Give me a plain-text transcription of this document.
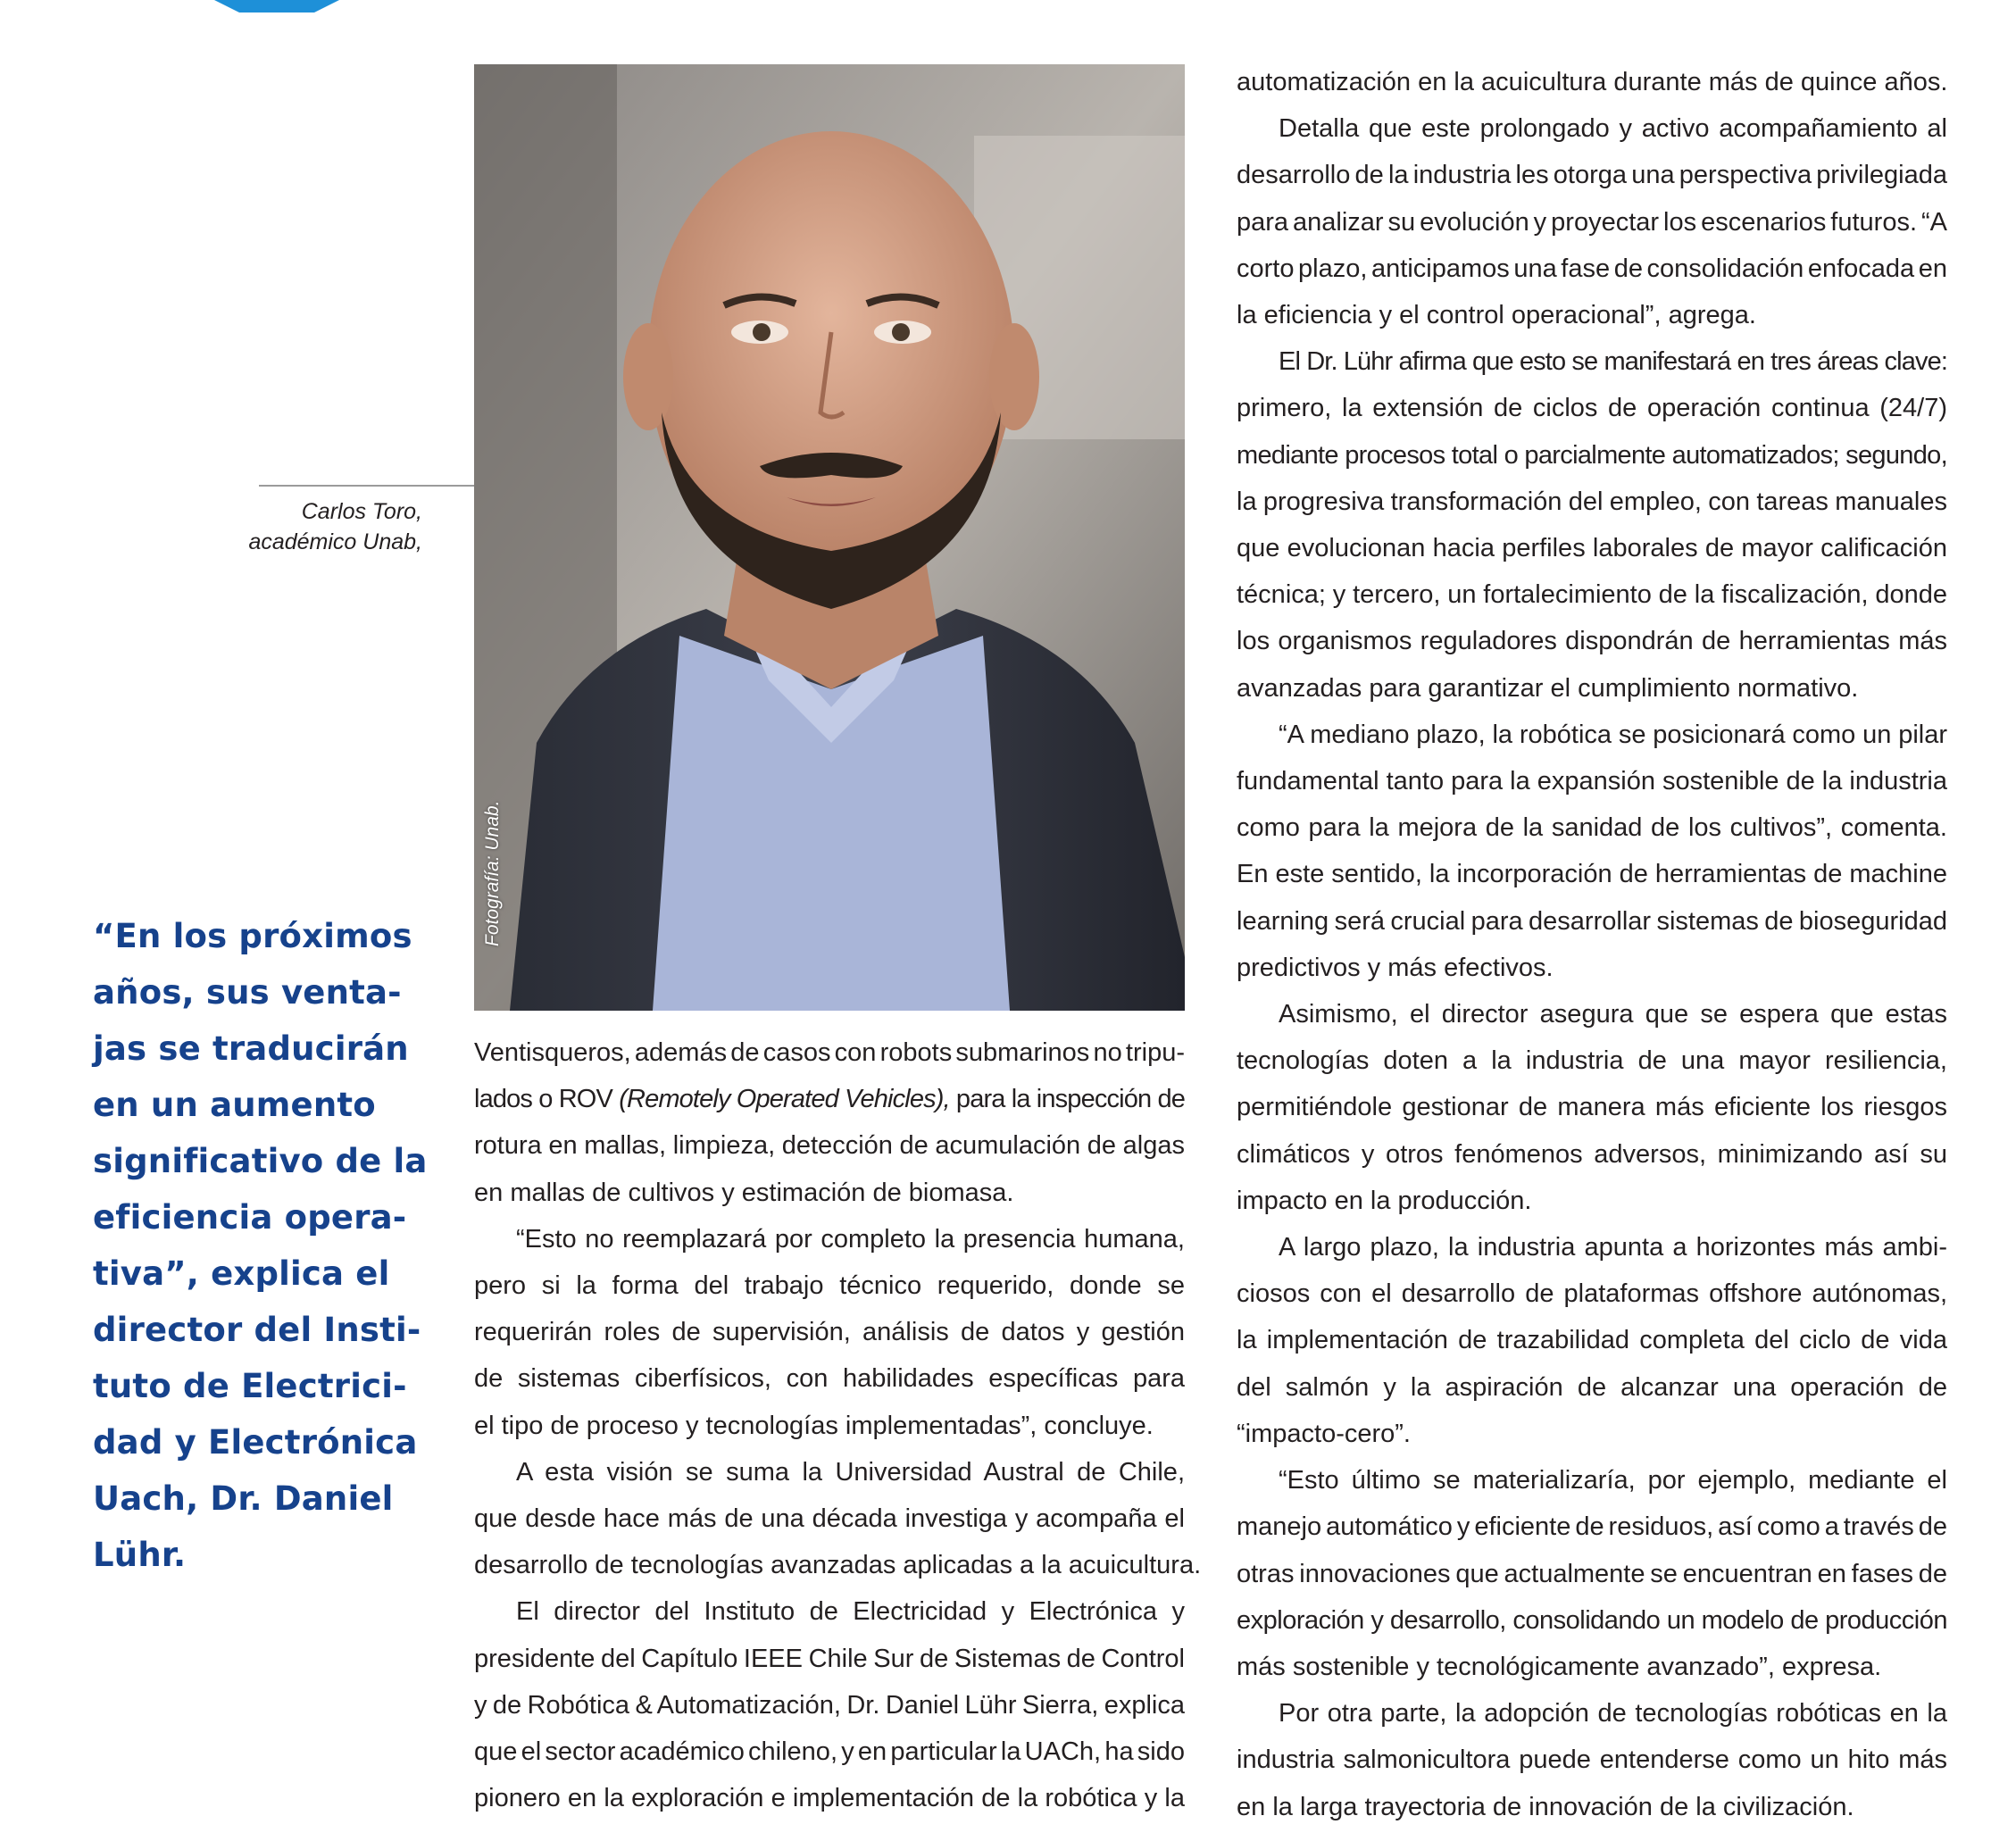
Fotografía: Unab.
Carlos Toro,
académico Unab,
“En los próximos
años, sus venta-
jas se traducirán
en un aumento
significativo de la
eficiencia opera-
tiva”, explica el
director del Insti-
tuto de Electrici-
dad y Electrónica
Uach, Dr. Daniel
Lühr.
Ventisqueros, además de casos con robots submarinos no tripu-
lados o ROV (Remotely Operated Vehicles), para la inspección de
rotura en mallas, limpieza, detección de acumulación de algas
en mallas de cultivos y estimación de biomasa.
“Esto no reemplazará por completo la presencia humana,
pero si la forma del trabajo técnico requerido, donde se
requerirán roles de supervisión, análisis de datos y gestión
de sistemas ciberfísicos, con habilidades específicas para
el tipo de proceso y tecnologías implementadas”, concluye.
A esta visión se suma la Universidad Austral de Chile,
que desde hace más de una década investiga y acompaña el
desarrollo de tecnologías avanzadas aplicadas a la acuicultura.
El director del Instituto de Electricidad y Electrónica y
presidente del Capítulo IEEE Chile Sur de Sistemas de Control
y de Robótica & Automatización, Dr. Daniel Lühr Sierra, explica
que el sector académico chileno, y en particular la UACh, ha sido
pionero en la exploración e implementación de la robótica y la
automatización en la acuicultura durante más de quince años.
Detalla que este prolongado y activo acompañamiento al
desarrollo de la industria les otorga una perspectiva privilegiada
para analizar su evolución y proyectar los escenarios futuros. “A
corto plazo, anticipamos una fase de consolidación enfocada en
la eficiencia y el control operacional”, agrega.
El Dr. Lühr afirma que esto se manifestará en tres áreas clave:
primero, la extensión de ciclos de operación continua (24/7)
mediante procesos total o parcialmente automatizados; segundo,
la progresiva transformación del empleo, con tareas manuales
que evolucionan hacia perfiles laborales de mayor calificación
técnica; y tercero, un fortalecimiento de la fiscalización, donde
los organismos reguladores dispondrán de herramientas más
avanzadas para garantizar el cumplimiento normativo.
“A mediano plazo, la robótica se posicionará como un pilar
fundamental tanto para la expansión sostenible de la industria
como para la mejora de la sanidad de los cultivos”, comenta.
En este sentido, la incorporación de herramientas de machine
learning será crucial para desarrollar sistemas de bioseguridad
predictivos y más efectivos.
Asimismo, el director asegura que se espera que estas
tecnologías doten a la industria de una mayor resiliencia,
permitiéndole gestionar de manera más eficiente los riesgos
climáticos y otros fenómenos adversos, minimizando así su
impacto en la producción.
A largo plazo, la industria apunta a horizontes más ambi-
ciosos con el desarrollo de plataformas offshore autónomas,
la implementación de trazabilidad completa del ciclo de vida
del salmón y la aspiración de alcanzar una operación de
“impacto-cero”.
“Esto último se materializaría, por ejemplo, mediante el
manejo automático y eficiente de residuos, así como a través de
otras innovaciones que actualmente se encuentran en fases de
exploración y desarrollo, consolidando un modelo de producción
más sostenible y tecnológicamente avanzado”, expresa.
Por otra parte, la adopción de tecnologías robóticas en la
industria salmonicultora puede entenderse como un hito más
en la larga trayectoria de innovación de la civilización.
